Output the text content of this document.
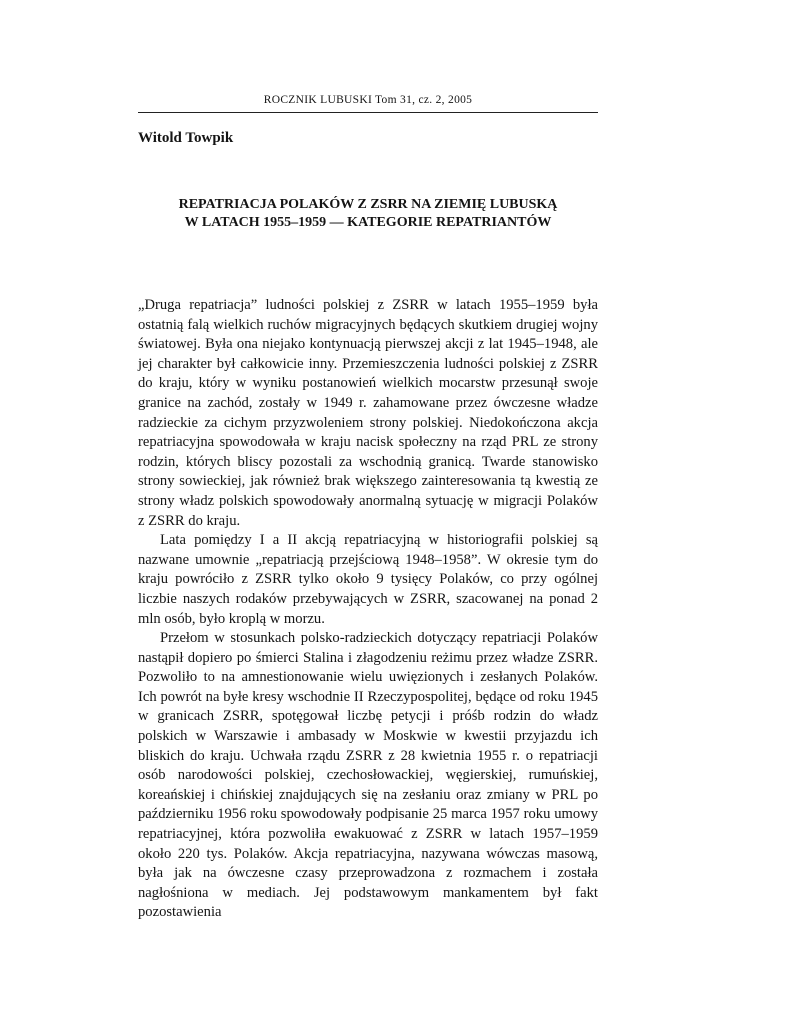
ROCZNIK LUBUSKI Tom 31, cz. 2, 2005
Witold Towpik
REPATRIACJA POLAKÓW Z ZSRR NA ZIEMIĘ LUBUSKĄ
W LATACH 1955–1959 — KATEGORIE REPATRIANTÓW

„Druga repatriacja” ludności polskiej z ZSRR w latach 1955–1959 była ostatnią falą wielkich ruchów migracyjnych będących skutkiem drugiej wojny światowej. Była ona niejako kontynuacją pierwszej akcji z lat 1945–1948, ale jej charakter był całkowicie inny. Przemieszczenia ludności polskiej z ZSRR do kraju, który w wyniku postanowień wielkich mocarstw przesunął swoje granice na zachód, zostały w 1949 r. zahamowane przez ówczesne władze radzieckie za cichym przyzwoleniem strony polskiej. Niedokończona akcja repatriacyjna spowodowała w kraju nacisk społeczny na rząd PRL ze strony rodzin, których bliscy pozostali za wschodnią granicą. Twarde stanowisko strony sowieckiej, jak również brak większego zainteresowania tą kwestią ze strony władz polskich spowodowały anormalną sytuację w migracji Polaków z ZSRR do kraju.

Lata pomiędzy I a II akcją repatriacyjną w historiografii polskiej są nazwane umownie „repatriacją przejściową 1948–1958”. W okresie tym do kraju powróciło z ZSRR tylko około 9 tysięcy Polaków, co przy ogólnej liczbie naszych rodaków przebywających w ZSRR, szacowanej na ponad 2 mln osób, było kroplą w morzu.

Przełom w stosunkach polsko-radzieckich dotyczący repatriacji Polaków nastąpił dopiero po śmierci Stalina i złagodzeniu reżimu przez władze ZSRR. Pozwoliło to na amnestionowanie wielu uwięzionych i zesłanych Polaków. Ich powrót na byłe kresy wschodnie II Rzeczypospolitej, będące od roku 1945 w granicach ZSRR, spotęgował liczbę petycji i próśb rodzin do władz polskich w Warszawie i ambasady w Moskwie w kwestii przyjazdu ich bliskich do kraju. Uchwała rządu ZSRR z 28 kwietnia 1955 r. o repatriacji osób narodowości polskiej, czechosłowackiej, węgierskiej, rumuńskiej, koreańskiej i chińskiej znajdujących się na zesłaniu oraz zmiany w PRL po październiku 1956 roku spowodowały podpisanie 25 marca 1957 roku umowy repatriacyjnej, która pozwoliła ewakuować z ZSRR w latach 1957–1959 około 220 tys. Polaków. Akcja repatriacyjna, nazywana wówczas masową, była jak na ówczesne czasy przeprowadzona z rozmachem i została nagłośniona w mediach. Jej podstawowym mankamentem był fakt pozostawienia
